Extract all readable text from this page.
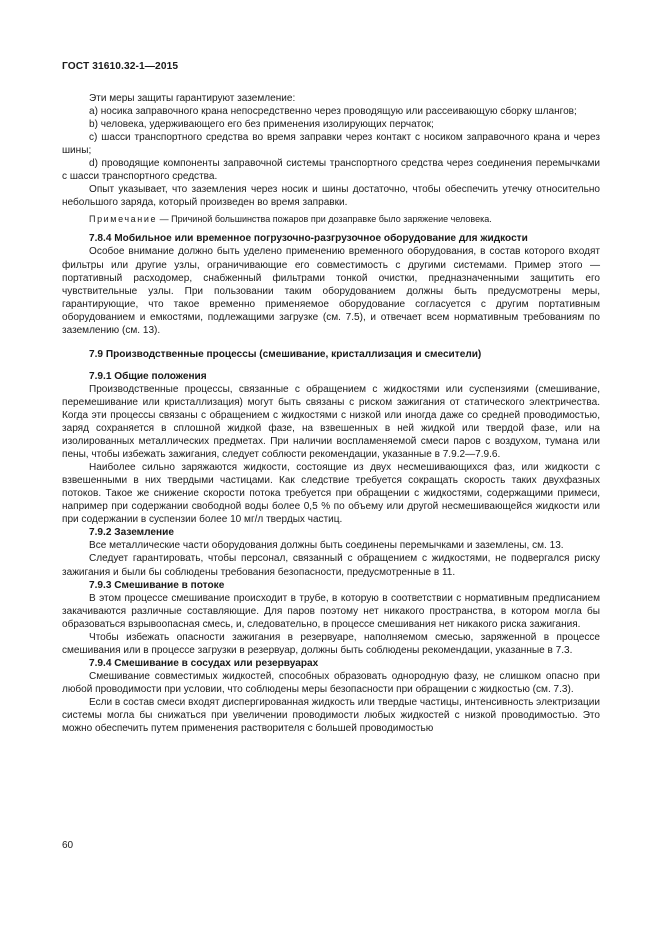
ГОСТ 31610.32-1—2015

Эти меры защиты гарантируют заземление:

а) носика заправочного крана непосредственно через проводящую или рассеивающую сборку шлангов;

b) человека, удерживающего его без применения изолирующих перчаток;

с) шасси транспортного средства во время заправки через контакт с носиком заправочного крана и через шины;

d) проводящие компоненты заправочной системы транспортного средства через соединения перемычками с шасси транспортного средства.

Опыт указывает, что заземления через носик и шины достаточно, чтобы обеспечить утечку относительно небольшого заряда, который произведен во время заправки.

Примечание — Причиной большинства пожаров при дозаправке было заряжение человека.

7.8.4 Мобильное или временное погрузочно-разгрузочное оборудование для жидкости

Особое внимание должно быть уделено применению временного оборудования, в состав которого входят фильтры или другие узлы, ограничивающие его совместимость с другими системами. Пример этого — портативный расходомер, снабженный фильтрами тонкой очистки, предназначенными защитить его чувствительные узлы. При пользовании таким оборудованием должны быть предусмотрены меры, гарантирующие, что такое временно применяемое оборудование согласуется с другим портативным оборудованием и емкостями, подлежащими загрузке (см. 7.5), и отвечает всем нормативным требованиям по заземлению (см. 13).

7.9 Производственные процессы (смешивание, кристаллизация и смесители)
7.9.1 Общие положения

Производственные процессы, связанные с обращением с жидкостями или суспензиями (смешивание, перемешивание или кристаллизация) могут быть связаны с риском зажигания от статического электричества. Когда эти процессы связаны с обращением с жидкостями с низкой или иногда даже со средней проводимостью, заряд сохраняется в сплошной жидкой фазе, на взвешенных в ней жидкой или твердой фазе, или на изолированных металлических предметах. При наличии воспламеняемой смеси паров с воздухом, тумана или пены, чтобы избежать зажигания, следует соблюсти рекомендации, указанные в 7.9.2—7.9.6.

Наиболее сильно заряжаются жидкости, состоящие из двух несмешивающихся фаз, или жидкости с взвешенными в них твердыми частицами. Как следствие требуется сокращать скорость таких двухфазных потоков. Такое же снижение скорости потока требуется при обращении с жидкостями, содержащими примеси, например при содержании свободной воды более 0,5 % по объему или другой несмешивающейся жидкости или при содержании в суспензии более 10 мг/л твердых частиц.

7.9.2 Заземление

Все металлические части оборудования должны быть соединены перемычками и заземлены, см. 13.

Следует гарантировать, чтобы персонал, связанный с обращением с жидкостями, не подвергался риску зажигания и были бы соблюдены требования безопасности, предусмотренные в 11.

7.9.3 Смешивание в потоке

В этом процессе смешивание происходит в трубе, в которую в соответствии с нормативным предписанием закачиваются различные составляющие. Для паров поэтому нет никакого пространства, в котором могла бы образоваться взрывоопасная смесь, и, следовательно, в процессе смешивания нет никакого риска зажигания.

Чтобы избежать опасности зажигания в резервуаре, наполняемом смесью, заряженной в процессе смешивания или в процессе загрузки в резервуар, должны быть соблюдены рекомендации, указанные в 7.3.

7.9.4 Смешивание в сосудах или резервуарах

Смешивание совместимых жидкостей, способных образовать однородную фазу, не слишком опасно при любой проводимости при условии, что соблюдены меры безопасности при обращении с жидкостью (см. 7.3).

Если в состав смеси входят диспергированная жидкость или твердые частицы, интенсивность электризации системы могла бы снижаться при увеличении проводимости любых жидкостей с низкой проводимостью. Это можно обеспечить путем применения растворителя с большей проводимостью

60
